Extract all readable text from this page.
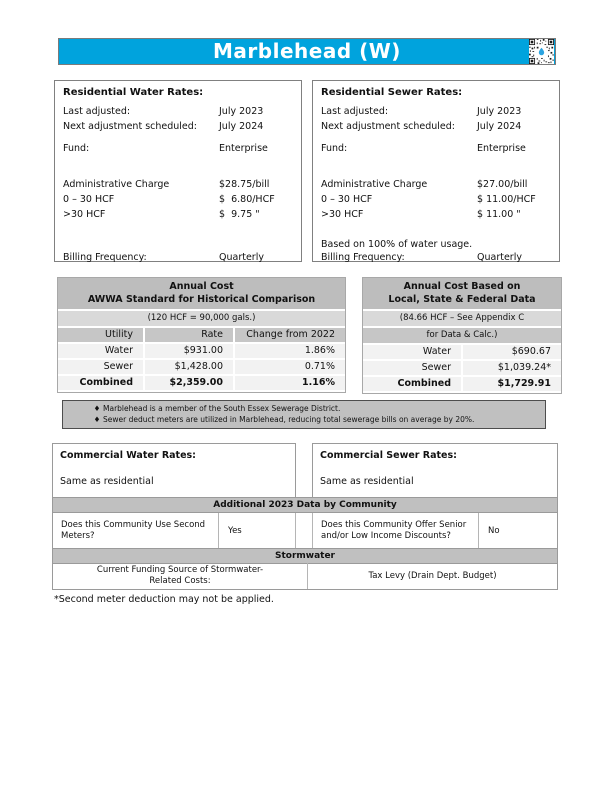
Marblehead (W)
Residential Water Rates:
Last adjusted:	July 2023
Next adjustment scheduled: July 2024
Fund:	Enterprise
Administrative Charge	$28.75/bill
0 – 30 HCF	$  6.80/HCF
>30 HCF	$  9.75 "
Billing Frequency:	Quarterly
Residential Sewer Rates:
Last adjusted:	July 2023
Next adjustment scheduled: July 2024
Fund:	Enterprise
Administrative Charge	$27.00/bill
0 – 30 HCF	$ 11.00/HCF
>30 HCF	$ 11.00 "
Based on 100% of water usage.
Billing Frequency:	Quarterly
Annual Cost
AWWA Standard for Historical Comparison
(120 HCF = 90,000 gals.)
Utility	Rate	Change from 2022
Water	$931.00	1.86%
Sewer	$1,428.00	0.71%
Combined	$2,359.00	1.16%
Annual Cost Based on
Local, State & Federal Data
(84.66 HCF – See Appendix C
for Data & Calc.)
Water	$690.67
Sewer	$1,039.24*
Combined	$1,729.91
♦ Marblehead is a member of the South Essex Sewerage District.
♦ Sewer deduct meters are utilized in Marblehead, reducing total sewerage bills on average by 20%.
Commercial Water Rates:
Same as residential
Commercial Sewer Rates:
Same as residential
Additional 2023 Data by Community
Does this Community Use Second Meters?	Yes
Does this Community Offer Senior and/or Low Income Discounts?	No
Stormwater
Current Funding Source of Stormwater-Related Costs:
Tax Levy (Drain Dept. Budget)
*Second meter deduction may not be applied.
